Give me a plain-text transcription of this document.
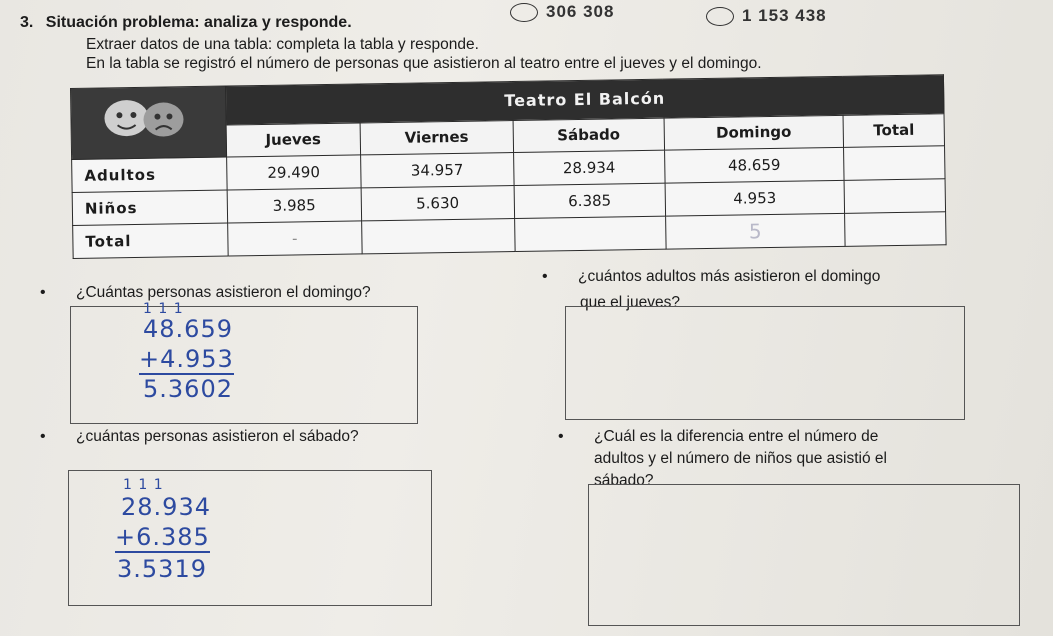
306 308	1 153 438
3. Situación problema: analiza y responde.
Extraer datos de una tabla: completa la tabla y responde.
En la tabla se registró el número de personas que asistieron al teatro entre el jueves y el domingo.
	Teatro El Balcón				
	Jueves	Viernes	Sábado	Domingo	Total
Adultos	29.490	34.957	28.934	48.659	
Niños	3.985	5.630	6.385	4.953	
Total	-			5	
• ¿Cuántas personas asistieron el domingo?
• ¿cuántos adultos más asistieron el domingo
que el jueves?
• ¿cuántas personas asistieron el sábado?	• ¿Cuál es la diferencia entre el número de
adultos y el número de niños que asistió el
sábado?
1 1 1
48.659
+4.953
5.3602
1 1 1
28.934
+6.385
3.5319
